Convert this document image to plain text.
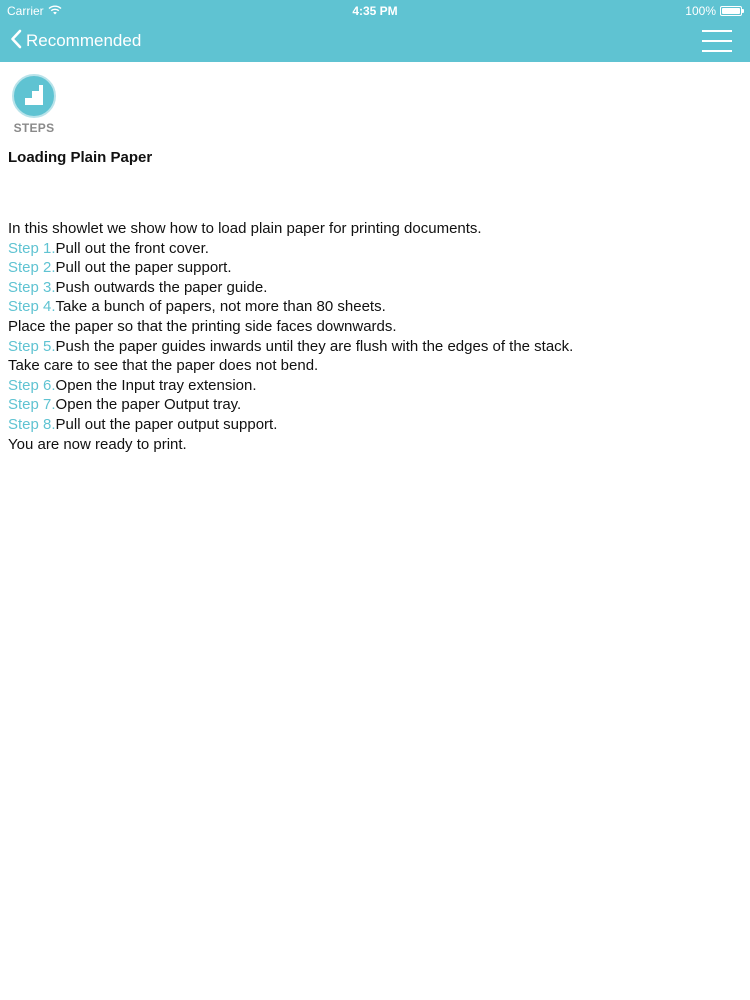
Carrier	4:35 PM	100%
Recommended
STEPS
Loading Plain Paper
In this showlet we show how to load plain paper for printing documents.
Step 1.Pull out the front cover.
Step 2.Pull out the paper support.
Step 3.Push outwards the paper guide.
Step 4.Take a bunch of papers, not more than 80 sheets.
Place the paper so that the printing side faces downwards.
Step 5.Push the paper guides inwards until they are flush with the edges of the stack.
Take care to see that the paper does not bend.
Step 6.Open the Input tray extension.
Step 7.Open the paper Output tray.
Step 8.Pull out the paper output support.
You are now ready to print.
